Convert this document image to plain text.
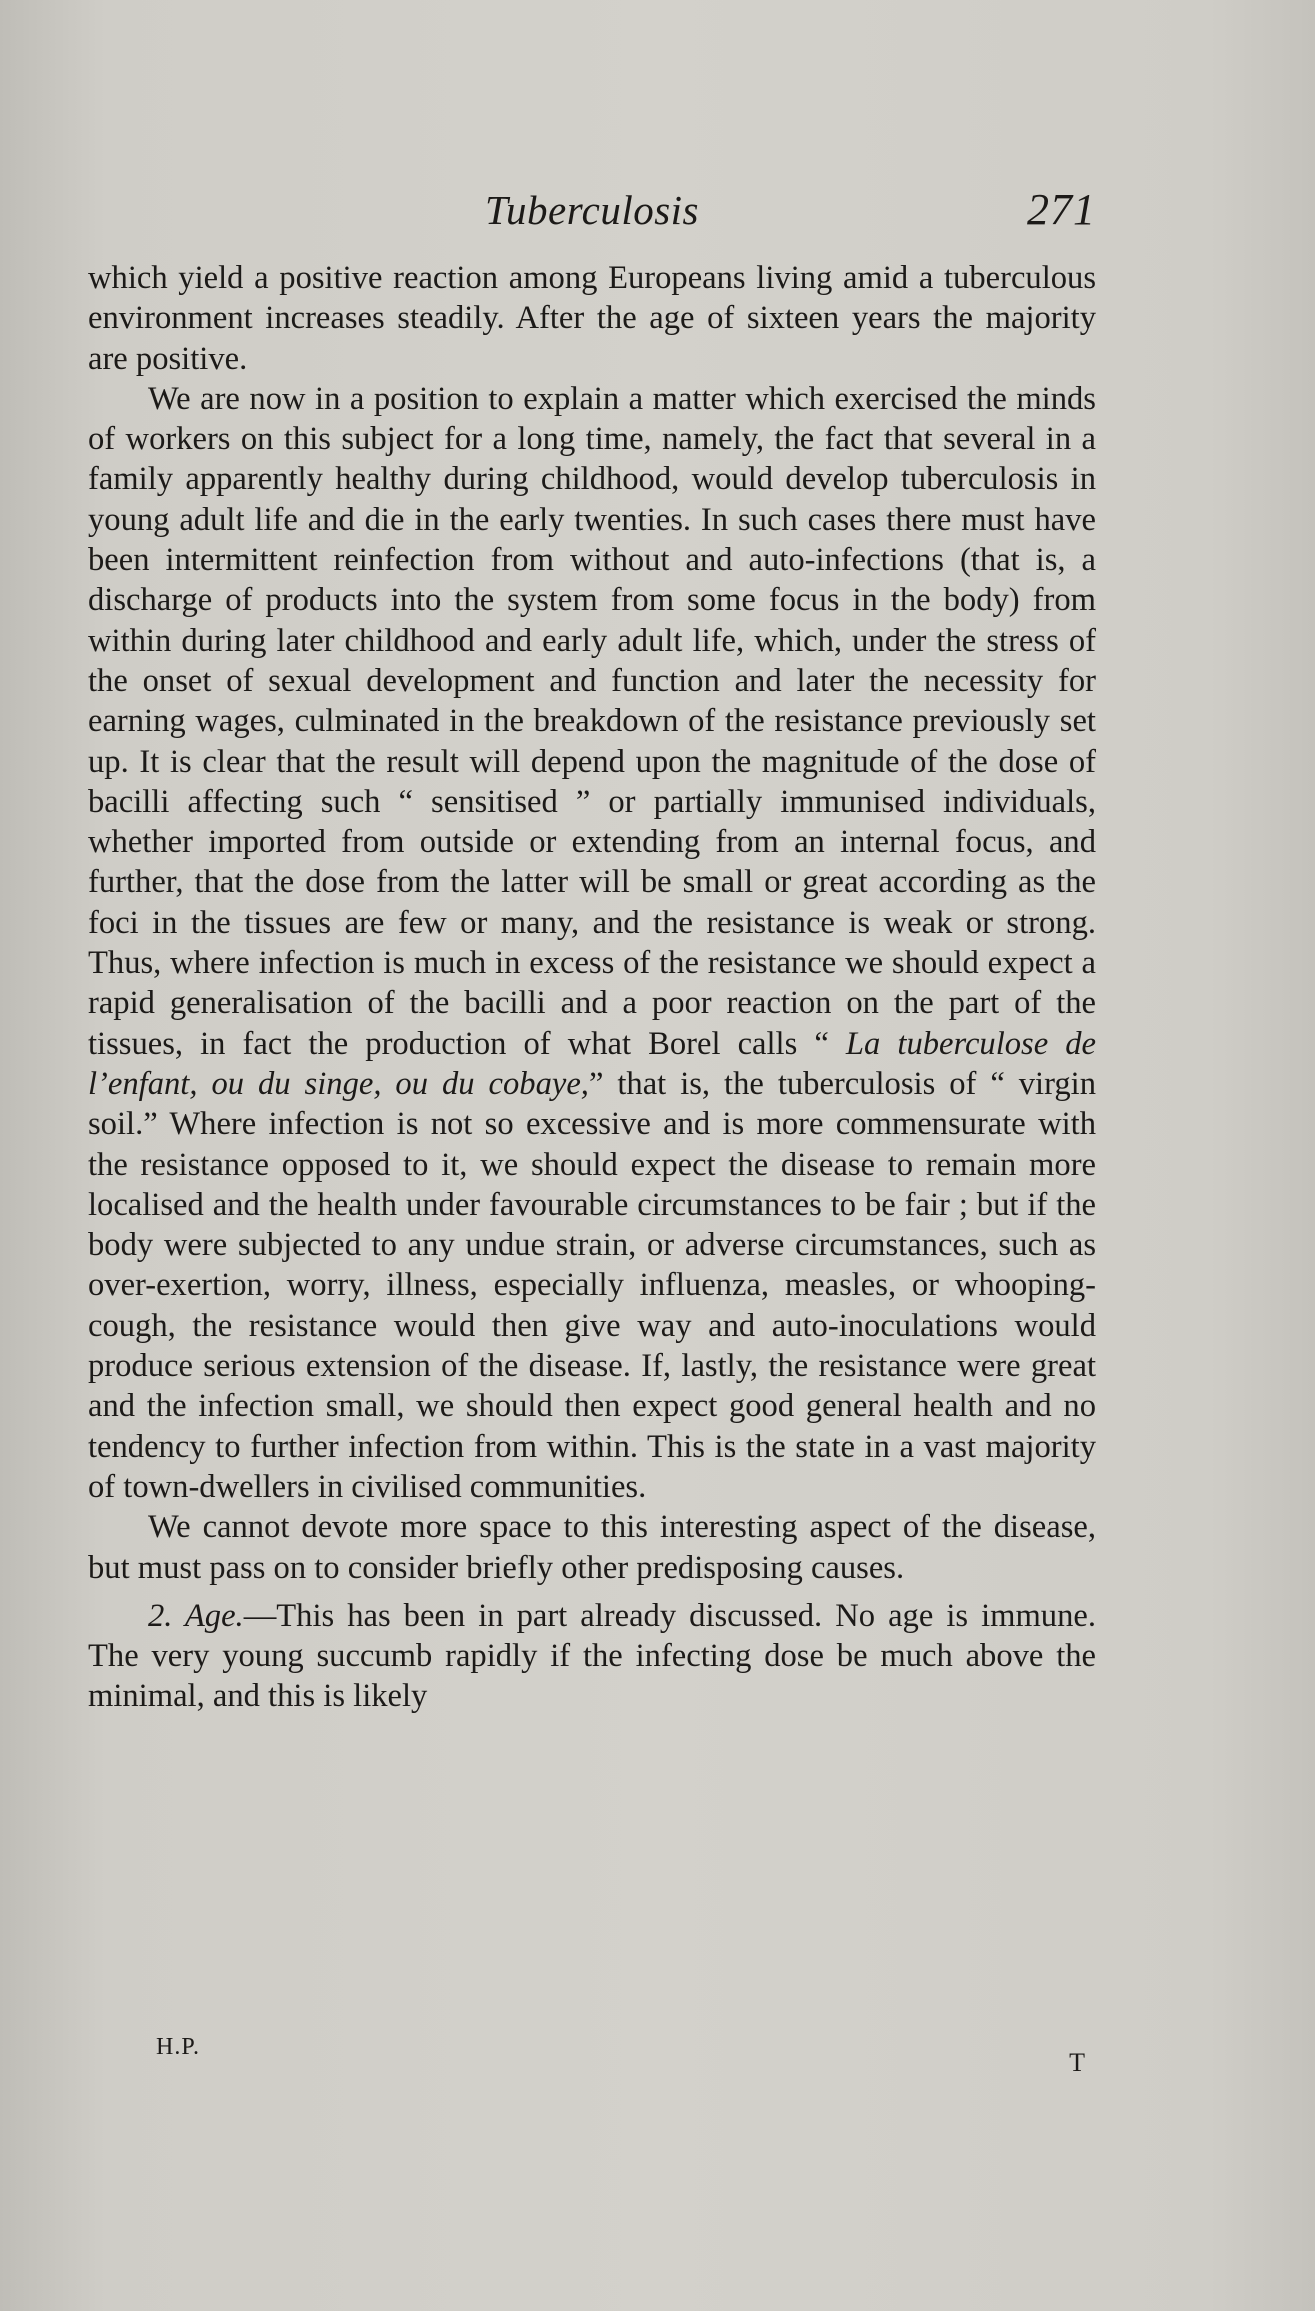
Tuberculosis	271

which yield a positive reaction among Europeans living amid a tuberculous environment increases steadily. After the age of sixteen years the majority are positive.

We are now in a position to explain a matter which exercised the minds of workers on this subject for a long time, namely, the fact that several in a family apparently healthy during childhood, would develop tuberculosis in young adult life and die in the early twenties. In such cases there must have been intermittent reinfection from without and auto-infections (that is, a discharge of products into the system from some focus in the body) from within during later childhood and early adult life, which, under the stress of the onset of sexual development and function and later the necessity for earning wages, culminated in the breakdown of the resistance previously set up. It is clear that the result will depend upon the magnitude of the dose of bacilli affecting such “ sensitised ” or partially immunised individuals, whether imported from outside or extending from an internal focus, and further, that the dose from the latter will be small or great according as the foci in the tissues are few or many, and the resistance is weak or strong. Thus, where infection is much in excess of the resistance we should expect a rapid generalisation of the bacilli and a poor reaction on the part of the tissues, in fact the production of what Borel calls “ La tuberculose de l’enfant, ou du singe, ou du cobaye,” that is, the tuberculosis of “ virgin soil.” Where infection is not so excessive and is more commensurate with the resistance opposed to it, we should expect the disease to remain more localised and the health under favourable circumstances to be fair ; but if the body were subjected to any undue strain, or adverse circumstances, such as over-exertion, worry, illness, especially influenza, measles, or whooping-cough, the resistance would then give way and auto-inoculations would produce serious extension of the disease. If, lastly, the resistance were great and the infection small, we should then expect good general health and no tendency to further infection from within. This is the state in a vast majority of town-dwellers in civilised communities.

We cannot devote more space to this interesting aspect of the disease, but must pass on to consider briefly other predisposing causes.

2. Age.—This has been in part already discussed. No age is immune. The very young succumb rapidly if the infecting dose be much above the minimal, and this is likely

H.P.
T
